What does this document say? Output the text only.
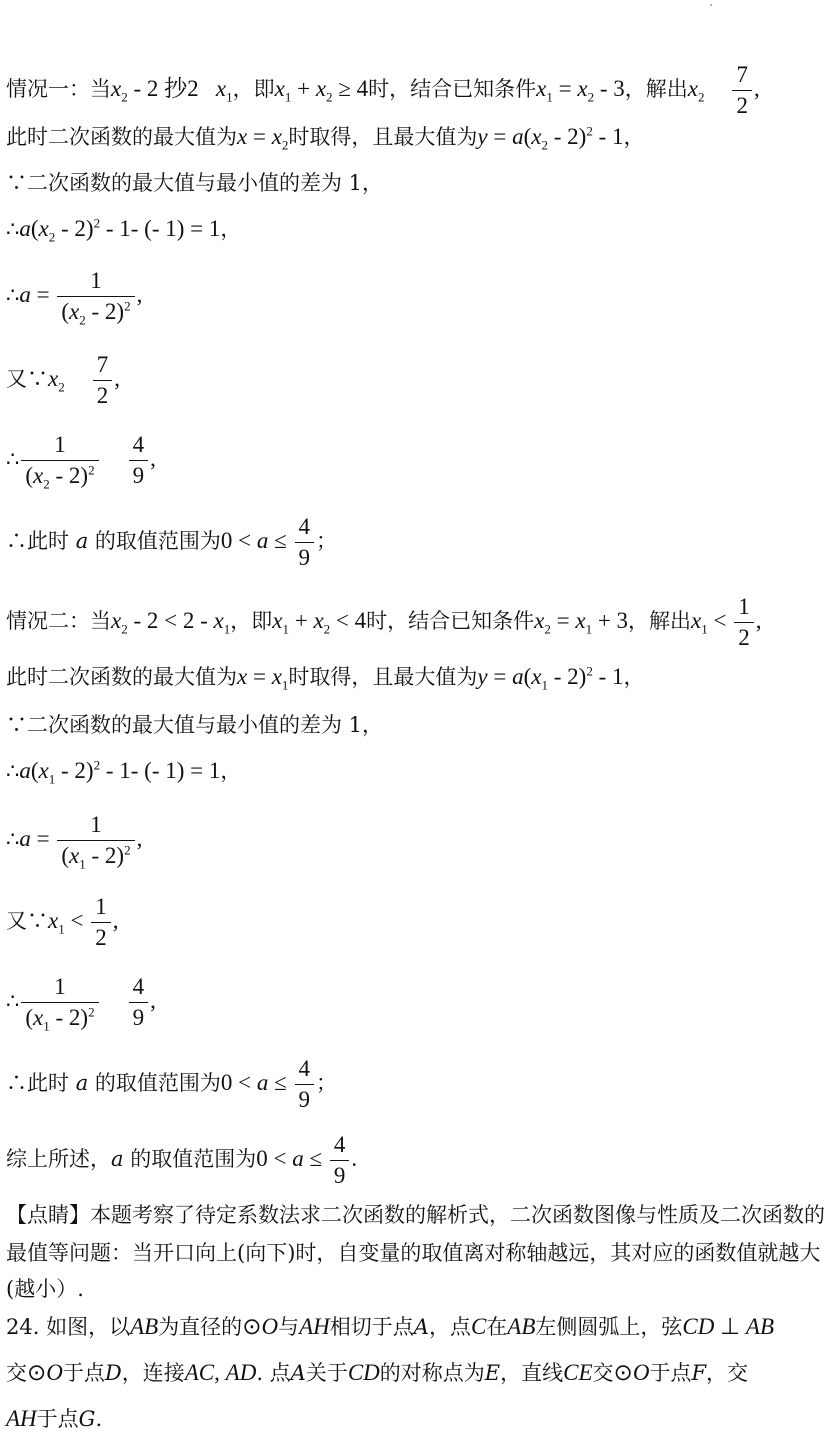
情况一：当$x_2 - 2$ 抄2   $x_1$，即$x_1 + x_2 \ge 4$时，结合已知条件$x_1 = x_2 - 3$，解出$x_2 \frac{7}{2}$ ,
此时二次函数的最大值为$x = x_2$时取得，且最大值为$y = a(x_2 - 2)^2 - 1$，
∵二次函数的最大值与最小值的差为 1，
$\therefore a(x_2 - 2)^2 - 1-$ (- 1) = 1，
∴a = $\frac{1}{(x_2 - 2)^2}$ ,
又$\because x_2 \frac{7}{2}$ ,
∴ $\frac{1}{(x_2 - 2)^2} \frac{4}{9}$ ,
∴此时 a 的取值范围为$0 < a \le \frac{4}{9}$ ；
情况二：当$x_2 - 2 < 2 - x_1$，即$x_1 + x_2 < 4$时，结合已知条件$x_2 = x_1 + 3$，解出$x_1 < \frac{1}{2}$ ,
此时二次函数的最大值为$x = x_1$时取得，且最大值为$y = a(x_1 - 2)^2 - 1$，
∵二次函数的最大值与最小值的差为 1，
$\therefore a(x_1 - 2)^2 - 1-$ (- 1) = 1，
∴a = $\frac{1}{(x_1 - 2)^2}$ ,
又$\because x_1 < \frac{1}{2}$ ,
∴ $\frac{1}{(x_1 - 2)^2} \frac{4}{9}$ ,
∴此时 a 的取值范围为$0 < a \le \frac{4}{9}$ ；
综上所述，a 的取值范围为$0 < a \le \frac{4}{9}$ .
【点睛】本题考察了待定系数法求二次函数的解析式，二次函数图像与性质及二次函数的
最值等问题：当开口向上(向下)时，自变量的取值离对称轴越远，其对应的函数值就越大
(越小）.
24. 如图，以AB为直径的⊙O与AH相切于点A，点C在AB左侧圆弧上，弦CD ⊥ AB
交⊙O于点D，连接AC, AD. 点A关于CD的对称点为E，直线CE交⊙O于点F，交
AH于点G.
